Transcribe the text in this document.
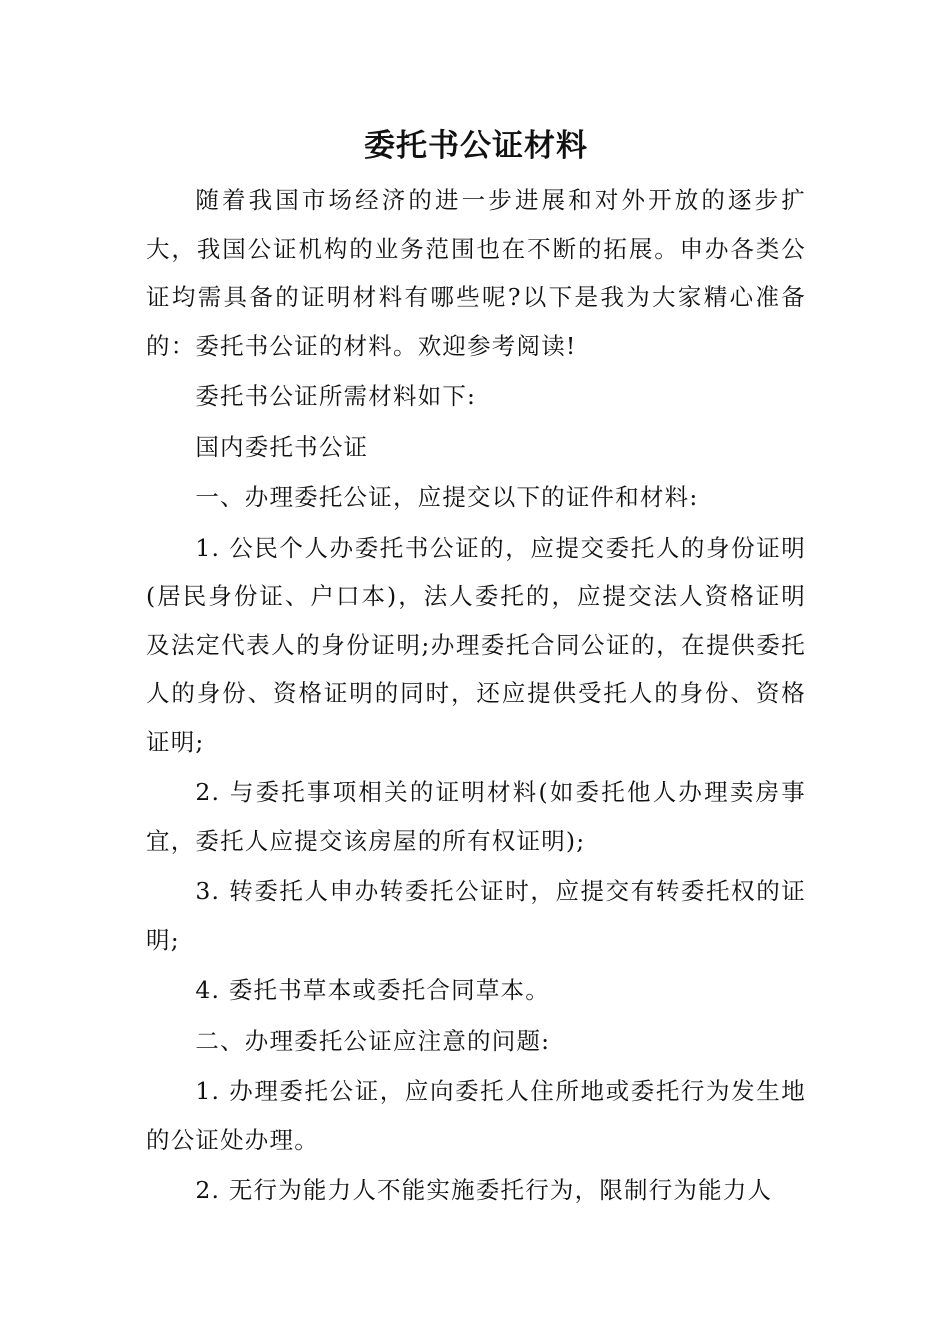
委托书公证材料

随着我国市场经济的进一步进展和对外开放的逐步扩大，我国公证机构的业务范围也在不断的拓展。申办各类公证均需具备的证明材料有哪些呢?以下是我为大家精心准备的：委托书公证的材料。欢迎参考阅读!

委托书公证所需材料如下:

国内委托书公证

一、办理委托公证，应提交以下的证件和材料:

1. 公民个人办委托书公证的，应提交委托人的身份证明(居民身份证、户口本)，法人委托的，应提交法人资格证明及法定代表人的身份证明;办理委托合同公证的，在提供委托人的身份、资格证明的同时，还应提供受托人的身份、资格证明;

2. 与委托事项相关的证明材料(如委托他人办理卖房事宜，委托人应提交该房屋的所有权证明);

3. 转委托人申办转委托公证时，应提交有转委托权的证明;

4. 委托书草本或委托合同草本。

二、办理委托公证应注意的问题:

1. 办理委托公证，应向委托人住所地或委托行为发生地的公证处办理。

2. 无行为能力人不能实施委托行为，限制行为能力人
